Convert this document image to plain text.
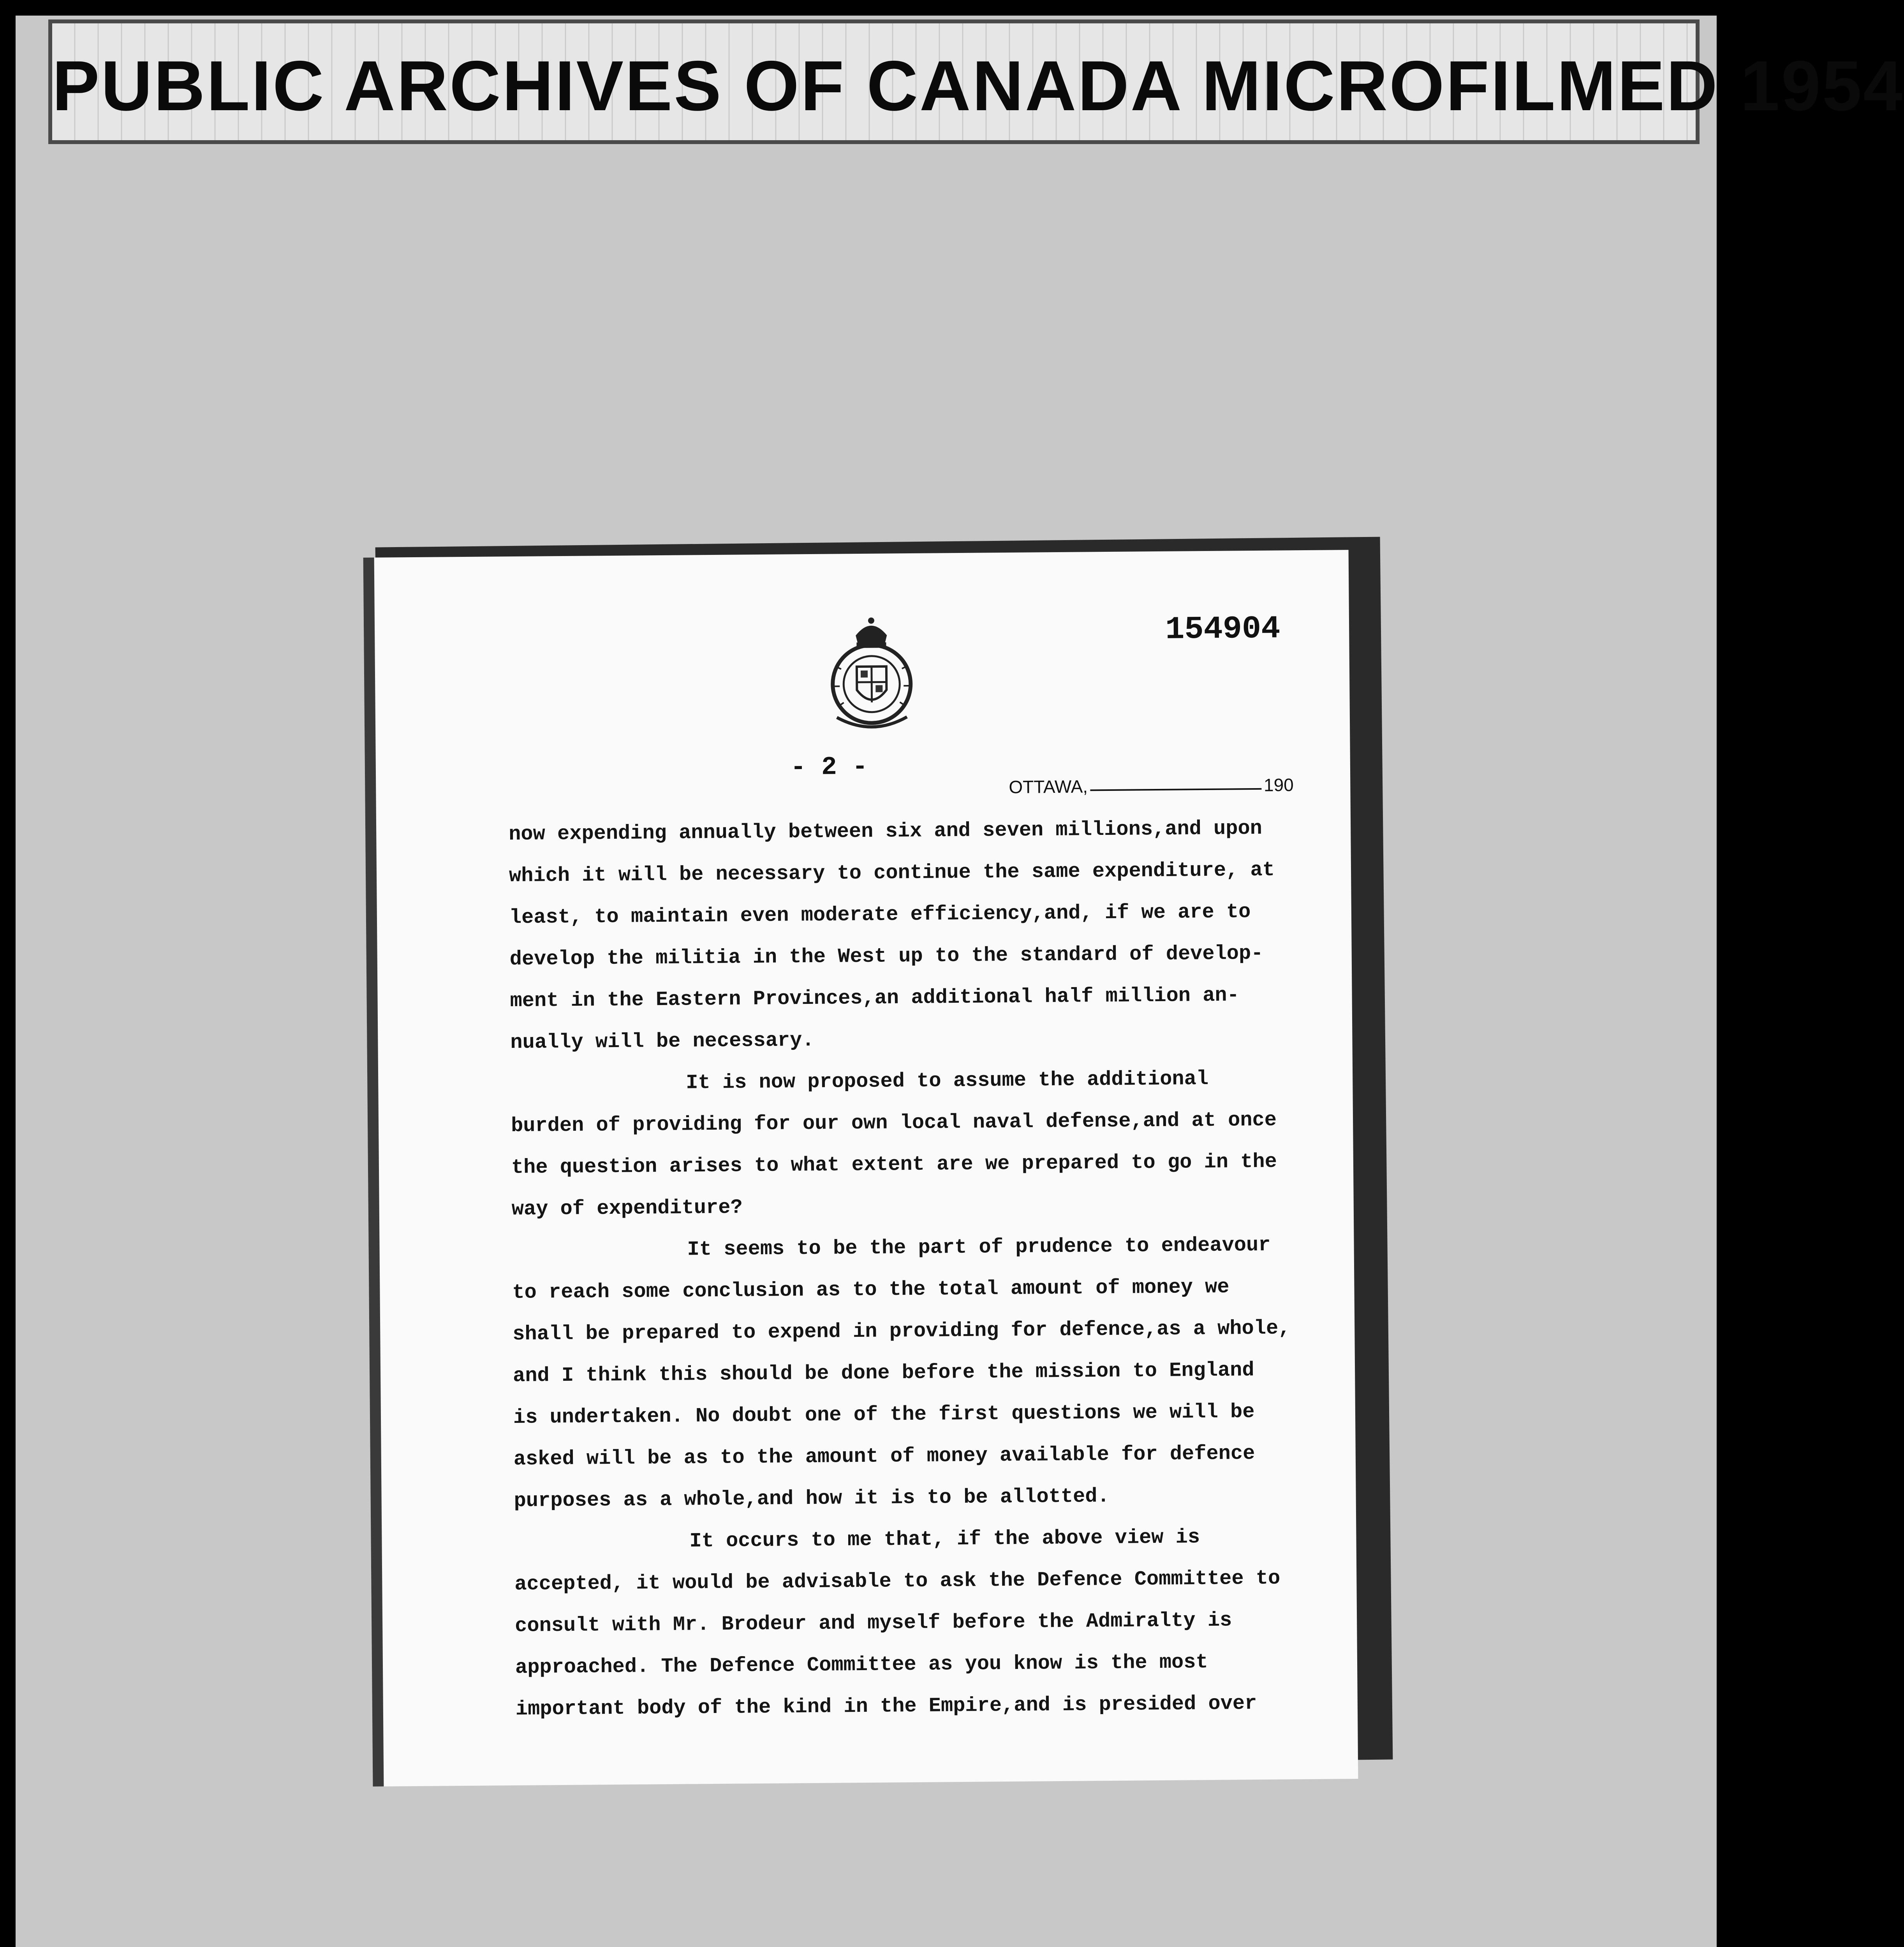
PUBLIC ARCHIVES OF CANADA MICROFILMED 1954
154904
- 2 -
OTTAWA,	190
now expending annually between six and seven millions,and upon
which it will be necessary to continue the same expenditure, at
least, to maintain even moderate efficiency,and, if we are to
develop the militia in the West up to the standard of develop-
ment in the Eastern Provinces,an additional half million an-
nually will be necessary.
It is now proposed to assume the additional
burden of providing for our own local naval defense,and at once
the question arises to what extent are we prepared to go in the
way of expenditure?
It seems to be the part of prudence to endeavour
to reach some conclusion as to the total amount of money we
shall be prepared to expend in providing for defence,as a whole,
and I think this should be done before the mission to England
is undertaken. No doubt one of the first questions we will be
asked will be as to the amount of money available for defence
purposes as a whole,and how it is to be allotted.
It occurs to me that, if the above view is
accepted, it would be advisable to ask the Defence Committee to
consult with Mr. Brodeur and myself before the Admiralty is
approached. The Defence Committee as you know is the most
important body of the kind in the Empire,and is presided over
